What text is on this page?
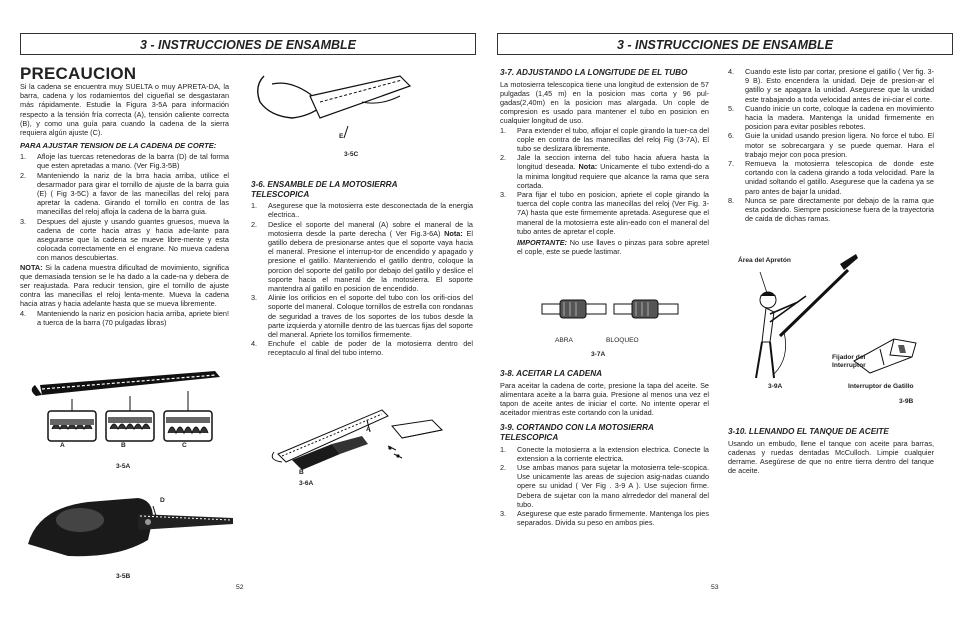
3 - INSTRUCCIONES DE ENSAMBLE
PRECAUCION

Si la cadena se encuentra muy SUELTA o muy APRETA-DA, la barra, cadena y los rodamientos del cigueñal se desgastaran más rápidamente. Estudie la Figura 3-5A para información respecto a la tensión fría correcta (A), tensión caliente correcta (B), y como una guía para cuando la cadena de la sierra requiera algún ajuste (C).

PARA AJUSTAR TENSION DE LA CADENA DE CORTE:

1.	Afloje las tuercas retenedoras de la barra (D) de tal forma que esten apretadas a mano. (Ver Fig.3-5B)
2.	Manteniendo la nariz de la brra hacia arriba, utilice el desarmador para girar el tornillo de ajuste de la barra guia (E) ( Fig 3-5C) a favor de las manecillas del reloj para apretar la cadena. Girando el tornillo en contra de las manecillas del reloj afloja la cadena de la barra guia.
3.	Despues del ajuste y usando guantes gruesos, mueva la cadena de corte hacia atras y hacia ade-lante para asegurarse que la cadena se mueve libre-mente y esta colocada correctamente en el engrane. No mueva cadena con manos descubiertas.

NOTA: Si la cadena muestra dificultad de movimiento, significa que demasiada tension se le ha dado a la cade-na y debera de ser reajustada. Para reducir tension, gire el tornillo de ajuste contra las manecillas el reloj lenta-mente. Mueva la cadena hacia atras y hacia adelante hasta que se mueva libremente.

4.	Manteniendo la nariz en posicion hacia arriba, apriete bien! a tuerca de la barra (70 pulgadas libras)
A	B	C
3-5A
D
3-5B
E
3-5C

3-6. ENSAMBLE DE LA MOTOSIERRA TELESCOPICA

1.	Asegurese que la motosierra este desconectada de la energia electrica..
2.	Deslice el soporte del maneral (A) sobre el maneral de la motosierra desde la parte derecha ( Ver Fig.3-6A) Nota: El gatillo debera de presionarse antes que el soporte vaya hacia el maneral. Presione el interrup-tor de encendido y apagado y presione el gatillo. Manteniendo el gatillo dentro, coloque la porcion del soporte del gatillo por debajo del gatillo y deslice el soporte hacia el maneral de la motosierra. El soporte mantendra al gatillo en posicion de encendido.
3.	Alinie los orificios en el soporte del tubo con los orifi-cios del soporte del maneral. Coloque tornillos de estrella con rondanas de seguridad a traves de los soportes de los tubos desde la parte izquierda y atornille dentro de las tuercas fijas del soporte del maneral. Apriete los tornillos firmemente.
4.	Enchufe el cable de poder de la motosierra dentro del receptaculo al final del tubo interno.
A
B
3-6A
52
3 - INSTRUCCIONES DE ENSAMBLE

3-7. ADJUSTANDO LA LONGITUDE DE EL TUBO

La motosierra telescopica tiene una longitud de extension de 57 pulgadas (1,45 m) en la posicion mas corta y 96 pul-gadas(2,40m) en la posicion mas alargada. Un cople de compresion es usado para mantener el tubo en posicion en cualquier longitud de uso.

1.	Para extender el tubo, aflojar el cople girando la tuer-ca del cople en contra de las manecillas del reloj Fig (3-7A), El tubo se deslizara libremente.
2.	Jale la seccion interna del tubo hacia afuera hasta la longitud deseada. Nota: Unicamente el tubo extendi-do a la minima longitud requiere que alcance la rama que sera cortada.
3.	Para fijar el tubo en posicion, apriete el cople girando la tuerca del cople contra las manecillas del reloj (Ver Fig. 3-7A) hasta que este firmemente apretada. Asegurese que el maneral de la motosierra este alin-eado con el maneral del tubo antes de apretar el cople.

IMPORTANTE: No use llaves o pinzas para sobre apretel el cople, este se puede lastimar.

ABRA	BLOQUEO
3-7A

3-8. ACEITAR LA CADENA

Para aceitar la cadena de corte, presione la tapa del aceite. Se alimentara aceite a la barra guia. Presione al menos una vez el tapon de aceite antes de iniciar el corte. No intente operar el aceitador mientras este cortando con la unidad.

3-9. CORTANDO CON LA MOTOSIERRA TELESCOPICA

1.	Conecte la motosierra a la extension electrica. Conecte la extension a la corriente electrica.
2.	Use ambas manos para sujetar la motosierra tele-scopica. Use unicamente las areas de sujecion asig-nadas cuando opere su unidad ( Ver Fig . 3-9 A ). Use sujecion firme. Debera de sujetar con la mano alrrededor del maneral del tubo.
3.	Asegurese que este parado firmemente. Mantenga los pies separados. Divida su peso en ambos pies.
4.	Cuando este listo par cortar, presione el gatillo ( Ver fig. 3-9 B). Esto encendera la unidad. Deje de presion-ar el gatillo y se apagara la unidad. Asegurese que la unidad este trabajando a toda velocidad antes de ini-ciar el corte.
5.	Cuando inicie un corte, coloque la cadena en movimiento hacia la madera. Mantenga la unidad firmemente en posicion para evitar posibles rebotes.
6.	Guie la unidad usando presion ligera. No force el tubo. El motor se sobrecargara y se puede quemar. Hara el trabajo mejor con poca presion.
7.	Remueva la motosierra telescopica de donde este cortando con la cadena girando a toda velocidad. Pare la unidad soltando el gatillo. Asegurese que la cadena ya se paro antes de bajar la unidad.
8.	Nunca se pare directamente por debajo de la rama que esta podando. Siempre posicionese fuera de la trayectoria de caida de dichas ramas.
Área del Apretón
3-9A
Fijador del Interruptor
Interruptor de Gatillo
3-9B

3-10. LLENANDO EL TANQUE DE ACEITE

Usando un embudo, llene el tanque con aceite para barras, cadenas y ruedas dentadas McCulloch. Limpie cualquier derrame. Asegúrese de que no entre tierra dentro del tanque de aceite.

53
